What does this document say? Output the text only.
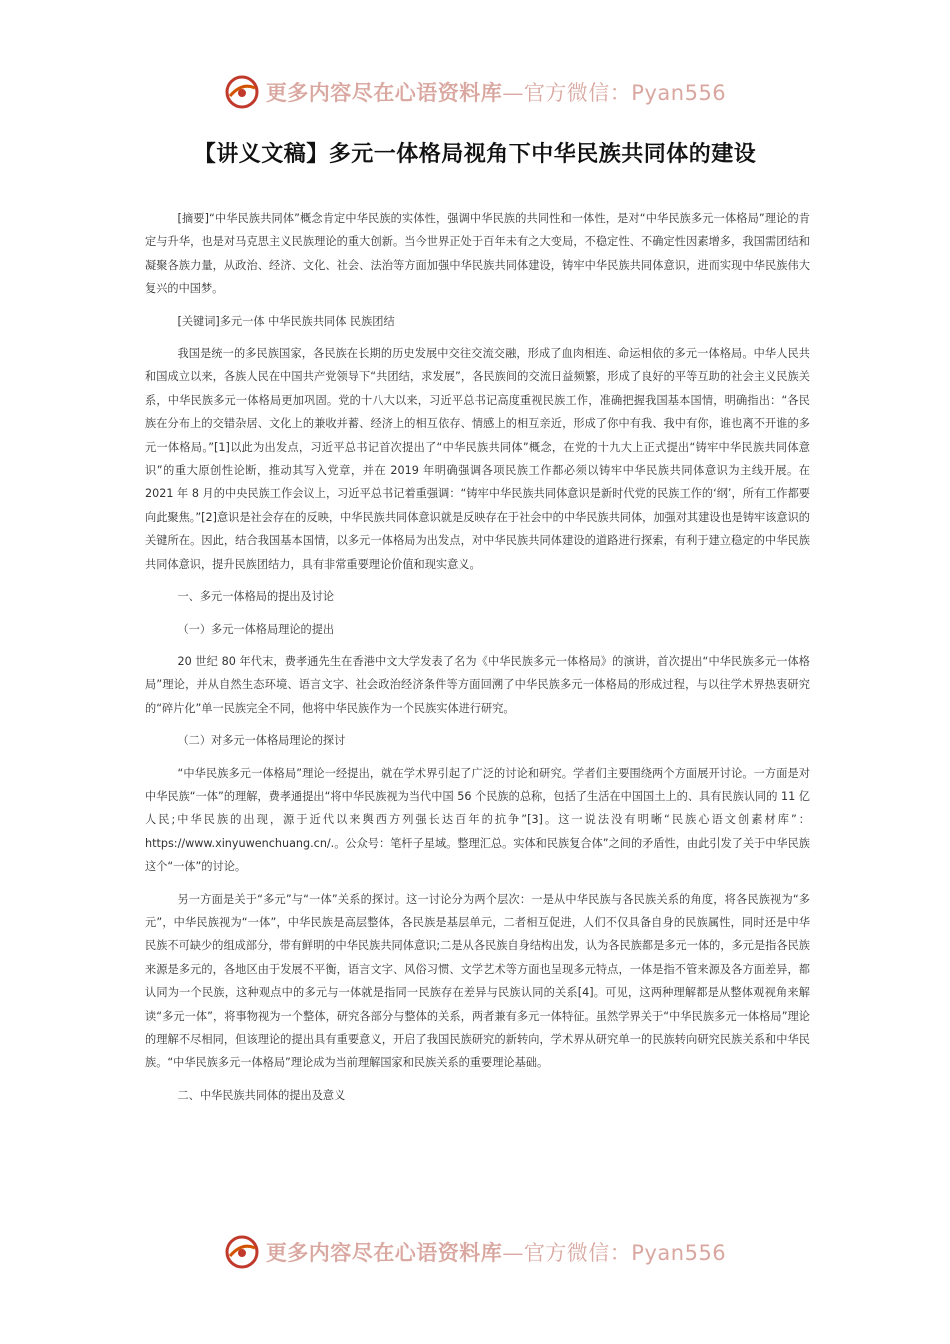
更多内容尽在心语资料库—官方微信：Pyan556
【讲义文稿】多元一体格局视角下中华民族共同体的建设

[摘要]“中华民族共同体”概念肯定中华民族的实体性，强调中华民族的共同性和一体性，是对“中华民族多元一体格局”理论的肯定与升华，也是对马克思主义民族理论的重大创新。当今世界正处于百年未有之大变局，不稳定性、不确定性因素增多，我国需团结和凝聚各族力量，从政治、经济、文化、社会、法治等方面加强中华民族共同体建设，铸牢中华民族共同体意识，进而实现中华民族伟大复兴的中国梦。

[关键词]多元一体 中华民族共同体 民族团结

我国是统一的多民族国家，各民族在长期的历史发展中交往交流交融，形成了血肉相连、命运相依的多元一体格局。中华人民共和国成立以来，各族人民在中国共产党领导下“共团结，求发展”，各民族间的交流日益频繁，形成了良好的平等互助的社会主义民族关系，中华民族多元一体格局更加巩固。党的十八大以来，习近平总书记高度重视民族工作，准确把握我国基本国情，明确指出：“各民族在分布上的交错杂居、文化上的兼收并蓄、经济上的相互依存、情感上的相互亲近，形成了你中有我、我中有你，谁也离不开谁的多元一体格局。”[1]以此为出发点，习近平总书记首次提出了“中华民族共同体”概念，在党的十九大上正式提出“铸牢中华民族共同体意识”的重大原创性论断，推动其写入党章，并在 2019 年明确强调各项民族工作都必须以铸牢中华民族共同体意识为主线开展。在 2021 年 8 月的中央民族工作会议上，习近平总书记着重强调：“铸牢中华民族共同体意识是新时代党的民族工作的‘纲’，所有工作都要向此聚焦。”[2]意识是社会存在的反映，中华民族共同体意识就是反映存在于社会中的中华民族共同体，加强对其建设也是铸牢该意识的关键所在。因此，结合我国基本国情，以多元一体格局为出发点，对中华民族共同体建设的道路进行探索，有利于建立稳定的中华民族共同体意识，提升民族团结力，具有非常重要理论价值和现实意义。

一、多元一体格局的提出及讨论

（一）多元一体格局理论的提出

20 世纪 80 年代末，费孝通先生在香港中文大学发表了名为《中华民族多元一体格局》的演讲，首次提出“中华民族多元一体格局”理论，并从自然生态环境、语言文字、社会政治经济条件等方面回溯了中华民族多元一体格局的形成过程，与以往学术界热衷研究的“碎片化”单一民族完全不同，他将中华民族作为一个民族实体进行研究。

（二）对多元一体格局理论的探讨

“中华民族多元一体格局”理论一经提出，就在学术界引起了广泛的讨论和研究。学者们主要围绕两个方面展开讨论。一方面是对中华民族“一体”的理解，费孝通提出“将中华民族视为当代中国 56 个民族的总称，包括了生活在中国国土上的、具有民族认同的 11 亿人民;中华民族的出现，源于近代以来舆西方列强长达百年的抗争”[3]。这一说法没有明晰“民族心语文创素材库”：https://www.xinyuwenchuang.cn/.。公众号：笔杆子星域。整理汇总。实体和民族复合体”之间的矛盾性，由此引发了关于中华民族这个“一体”的讨论。

另一方面是关于“多元”与“一体”关系的探讨。这一讨论分为两个层次：一是从中华民族与各民族关系的角度，将各民族视为“多元”，中华民族视为“一体”，中华民族是高层整体，各民族是基层单元，二者相互促进，人们不仅具备自身的民族属性，同时还是中华民族不可缺少的组成部分，带有鲜明的中华民族共同体意识;二是从各民族自身结构出发，认为各民族都是多元一体的，多元是指各民族来源是多元的，各地区由于发展不平衡，语言文字、风俗习惯、文学艺术等方面也呈现多元特点，一体是指不管来源及各方面差异，都认同为一个民族，这种观点中的多元与一体就是指同一民族存在差异与民族认同的关系[4]。可见，这两种理解都是从整体观视角来解读“多元一体”，将事物视为一个整体，研究各部分与整体的关系，两者兼有多元一体特征。虽然学界关于“中华民族多元一体格局”理论的理解不尽相同，但该理论的提出具有重要意义，开启了我国民族研究的新转向，学术界从研究单一的民族转向研究民族关系和中华民族。“中华民族多元一体格局”理论成为当前理解国家和民族关系的重要理论基础。

二、中华民族共同体的提出及意义

更多内容尽在心语资料库—官方微信：Pyan556
